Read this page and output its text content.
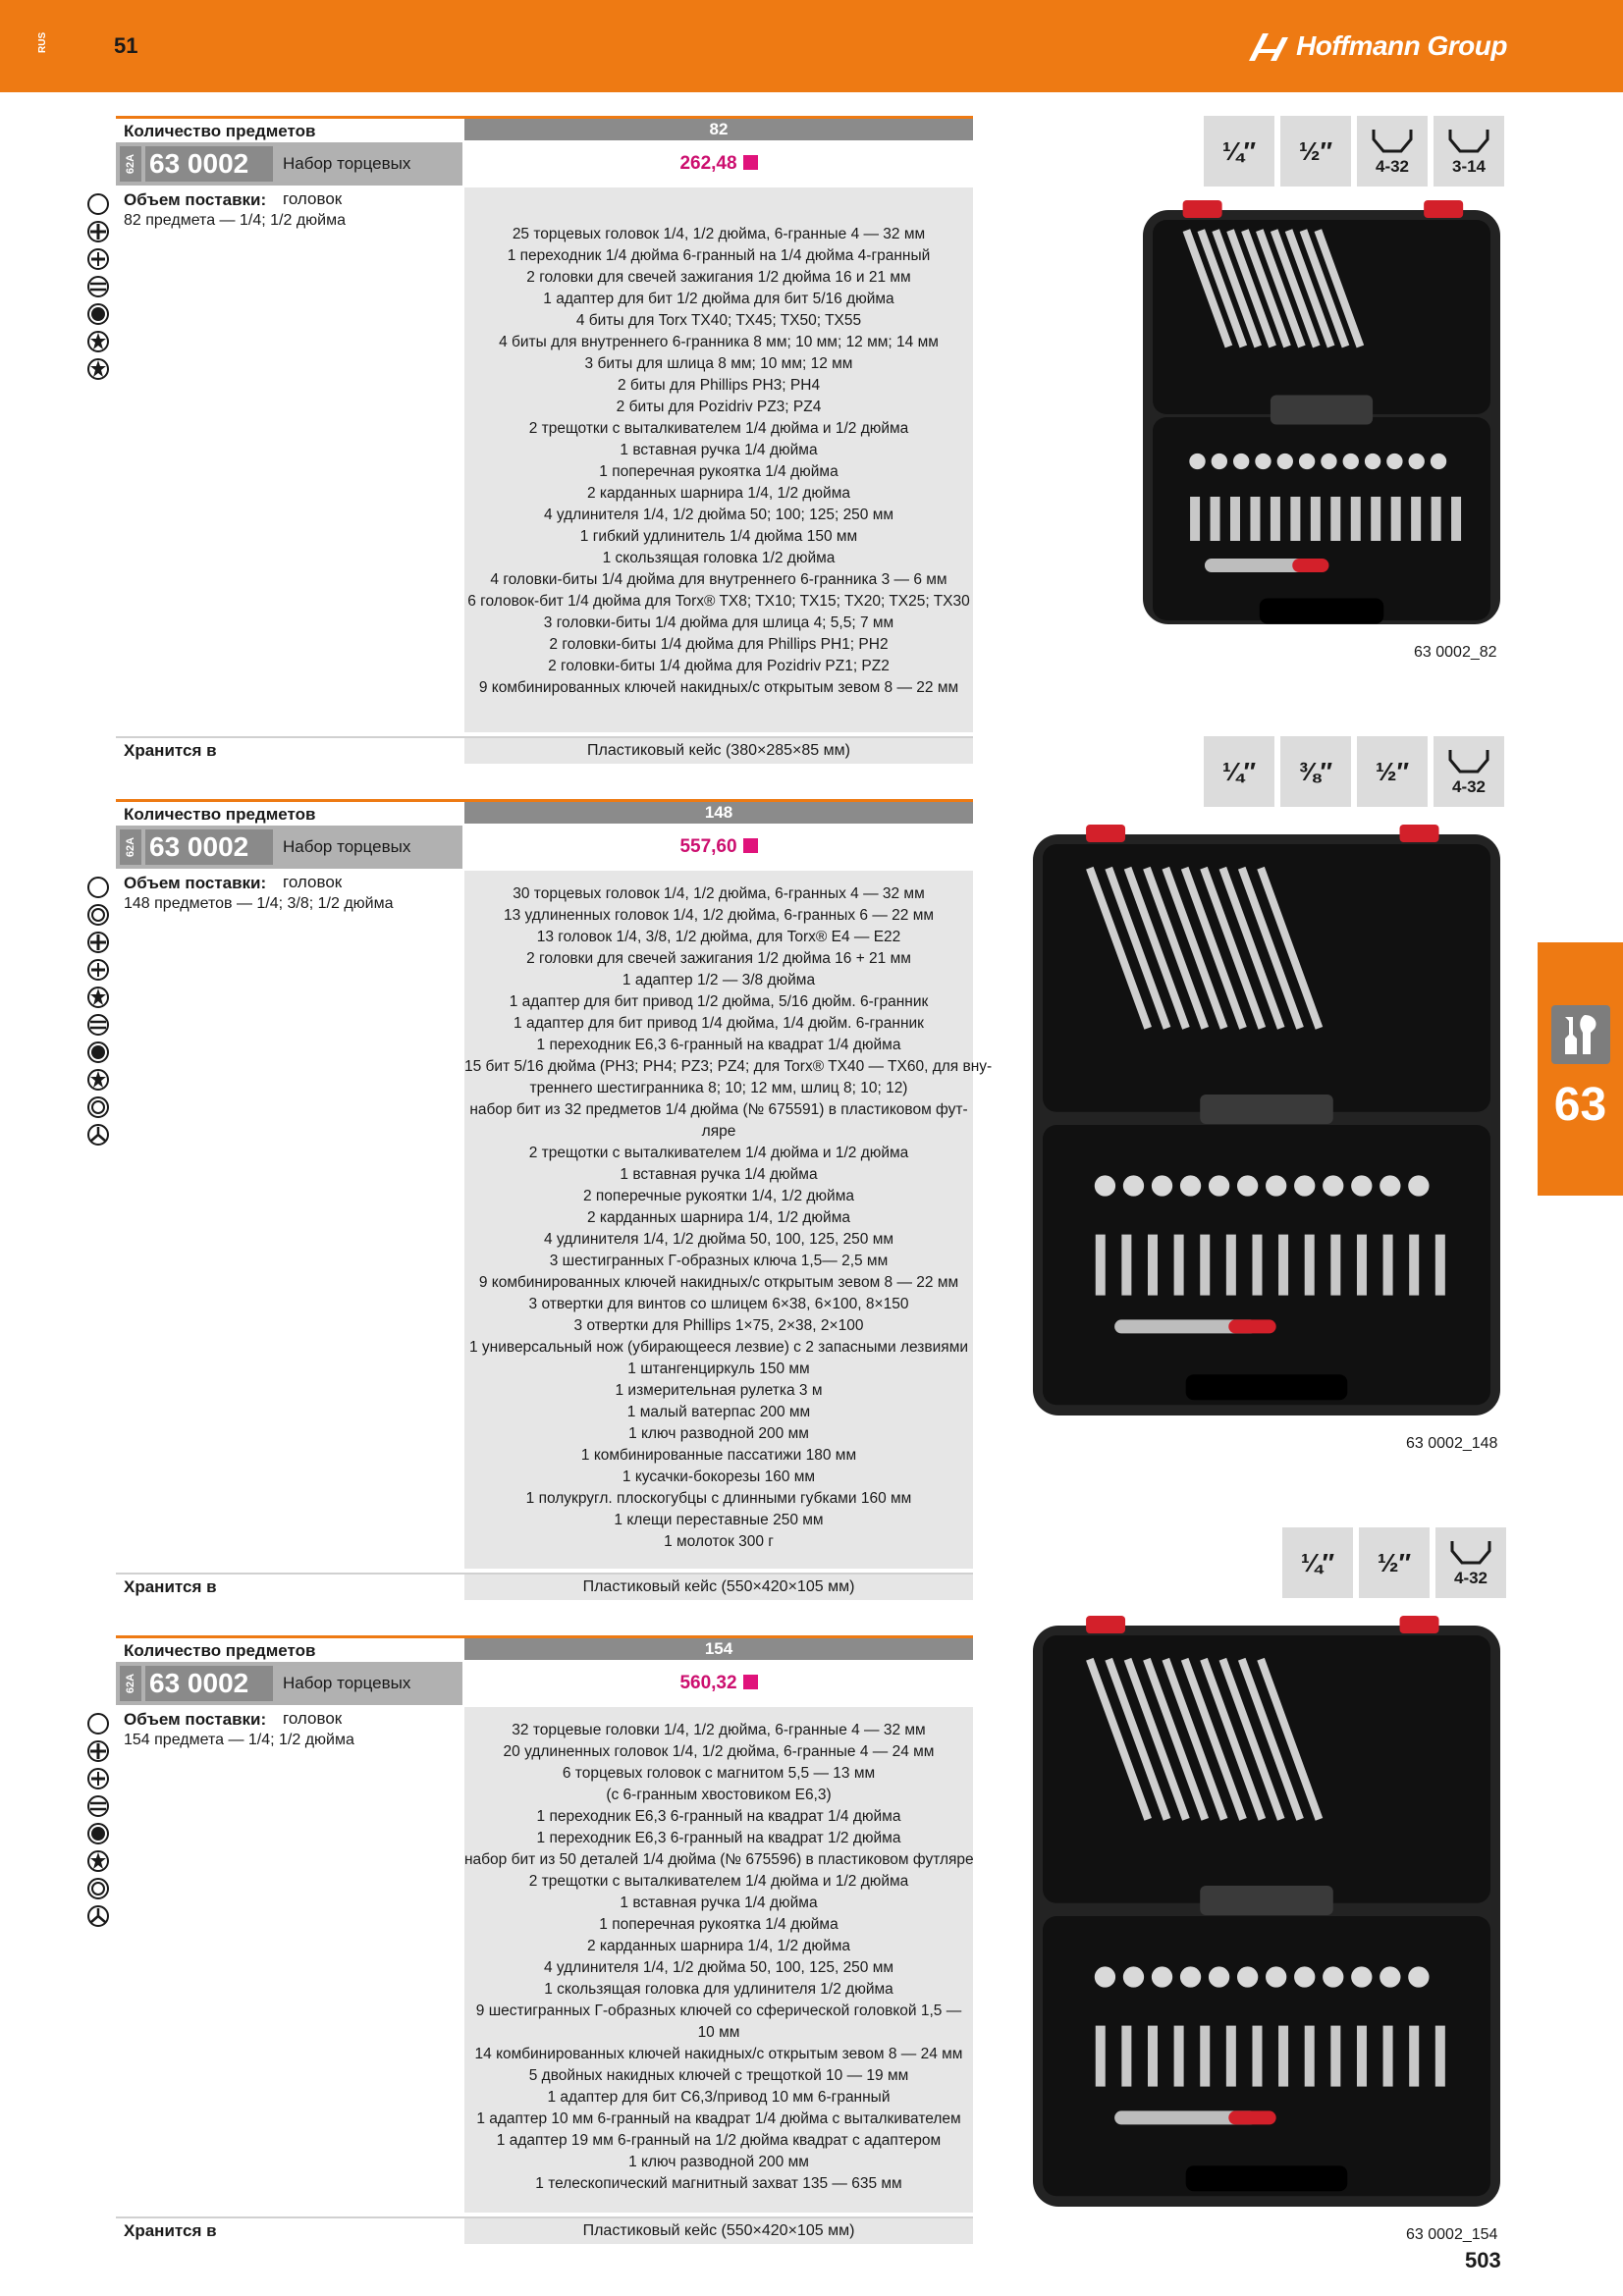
RUS	51	Hoffmann Group
63
Количество предметов	82
62A 63 0002	Набор торцевых головок
262,48
Объем поставки:
82 предмета — 1/4; 1/2 дюйма
25 торцевых головок 1/4, 1/2 дюйма, 6-гранные 4 — 32 мм
1 переходник 1/4 дюйма 6-гранный на 1/4 дюйма 4-гранный
2 головки для свечей зажигания 1/2 дюйма 16 и 21 мм
1 адаптер для бит 1/2 дюйма для бит 5/16 дюйма
4 биты для Torx TX40; TX45; TX50; TX55
4 биты для внутреннего 6-гранника 8 мм; 10 мм; 12 мм; 14 мм
3 биты для шлица 8 мм; 10 мм; 12 мм
2 биты для Phillips PH3; PH4
2 биты для Pozidriv PZ3; PZ4
2 трещотки с выталкивателем 1/4 дюйма и 1/2 дюйма
1 вставная ручка 1/4 дюйма
1 поперечная рукоятка 1/4 дюйма
2 карданных шарнира 1/4, 1/2 дюйма
4 удлинителя 1/4, 1/2 дюйма 50; 100; 125; 250 мм
1 гибкий удлинитель 1/4 дюйма 150 мм
1 скользящая головка 1/2 дюйма
4 головки-биты 1/4 дюйма для внутреннего 6-гранника 3 — 6 мм
6 головок-бит 1/4 дюйма для Torx® TX8; TX10; TX15; TX20; TX25; TX30
3 головки-биты 1/4 дюйма для шлица 4; 5,5; 7 мм
2 головки-биты 1/4 дюйма для Phillips PH1; PH2
2 головки-биты 1/4 дюйма для Pozidriv PZ1; PZ2
9 комбинированных ключей накидных/с открытым зевом 8 — 22 мм
Хранится в	Пластиковый кейс (380×285×85 мм)
Количество предметов	148
62A 63 0002	Набор торцевых головок
557,60
Объем поставки:
148 предметов — 1/4; 3/8; 1/2 дюйма
30 торцевых головок 1/4, 1/2 дюйма, 6-гранных 4 — 32 мм
13 удлиненных головок 1/4, 1/2 дюйма, 6-гранных 6 — 22 мм
13 головок 1/4, 3/8, 1/2 дюйма, для Torx® E4 — E22
2 головки для свечей зажигания 1/2 дюйма 16 + 21 мм
1 адаптер 1/2 — 3/8 дюйма
1 адаптер для бит привод 1/2 дюйма, 5/16 дюйм. 6-гранник
1 адаптер для бит привод 1/4 дюйма, 1/4 дюйм. 6-гранник
1 переходник E6,3 6-гранный на квадрат 1/4 дюйма
15 бит 5/16 дюйма (PH3; PH4; PZ3; PZ4; для Torx® TX40 — TX60, для вну-
треннего шестигранника 8; 10; 12 мм, шлиц 8; 10; 12)
набор бит из 32 предметов 1/4 дюйма (№ 675591) в пластиковом фут-
ляре
2 трещотки с выталкивателем 1/4 дюйма и 1/2 дюйма
1 вставная ручка 1/4 дюйма
2 поперечные рукоятки 1/4, 1/2 дюйма
2 карданных шарнира 1/4, 1/2 дюйма
4 удлинителя 1/4, 1/2 дюйма 50, 100, 125, 250 мм
3 шестигранных Г-образных ключа 1,5— 2,5 мм
9 комбинированных ключей накидных/с открытым зевом 8 — 22 мм
3 отвертки для винтов со шлицем 6×38, 6×100, 8×150
3 отвертки для Phillips 1×75, 2×38, 2×100
1 универсальный нож (убирающееся лезвие) с 2 запасными лезвиями
1 штангенциркуль 150 мм
1 измерительная рулетка 3 м
1 малый ватерпас 200 мм
1 ключ разводной 200 мм
1 комбинированные пассатижи 180 мм
1 кусачки-бокорезы 160 мм
1 полукругл. плоскогубцы с длинными губками 160 мм
1 клещи переставные 250 мм
1 молоток 300 г
Хранится в	Пластиковый кейс (550×420×105 мм)
Количество предметов	154
62A 63 0002	Набор торцевых головок
560,32
Объем поставки:
154 предмета — 1/4; 1/2 дюйма
32 торцевые головки 1/4, 1/2 дюйма, 6-гранные 4 — 32 мм
20 удлиненных головок 1/4, 1/2 дюйма, 6-гранные 4 — 24 мм
6 торцевых головок с магнитом 5,5 — 13 мм
(с 6-гранным хвостовиком E6,3)
1 переходник E6,3 6-гранный на квадрат 1/4 дюйма
1 переходник E6,3 6-гранный на квадрат 1/2 дюйма
набор бит из 50 деталей 1/4 дюйма (№ 675596) в пластиковом футляре
2 трещотки с выталкивателем 1/4 дюйма и 1/2 дюйма
1 вставная ручка 1/4 дюйма
1 поперечная рукоятка 1/4 дюйма
2 карданных шарнира 1/4, 1/2 дюйма
4 удлинителя 1/4, 1/2 дюйма 50, 100, 125, 250 мм
1 скользящая головка для удлинителя 1/2 дюйма
9 шестигранных Г-образных ключей со сферической головкой 1,5 —
10 мм
14 комбинированных ключей накидных/с открытым зевом 8 — 24 мм
5 двойных накидных ключей с трещоткой 10 — 19 мм
1 адаптер для бит C6,3/привод 10 мм 6-гранный
1 адаптер 10 мм 6-гранный на квадрат 1/4 дюйма с выталкивателем
1 адаптер 19 мм 6-гранный на 1/2 дюйма квадрат с адаптером
1 ключ разводной 200 мм
1 телескопический магнитный захват 135 — 635 мм
Хранится в	Пластиковый кейс (550×420×105 мм)
503
¼″	½″
4-32	3-14
63 0002_82
¼″	⅜″	½″
4-32
63 0002_148
¼″	½″
4-32
63 0002_154
